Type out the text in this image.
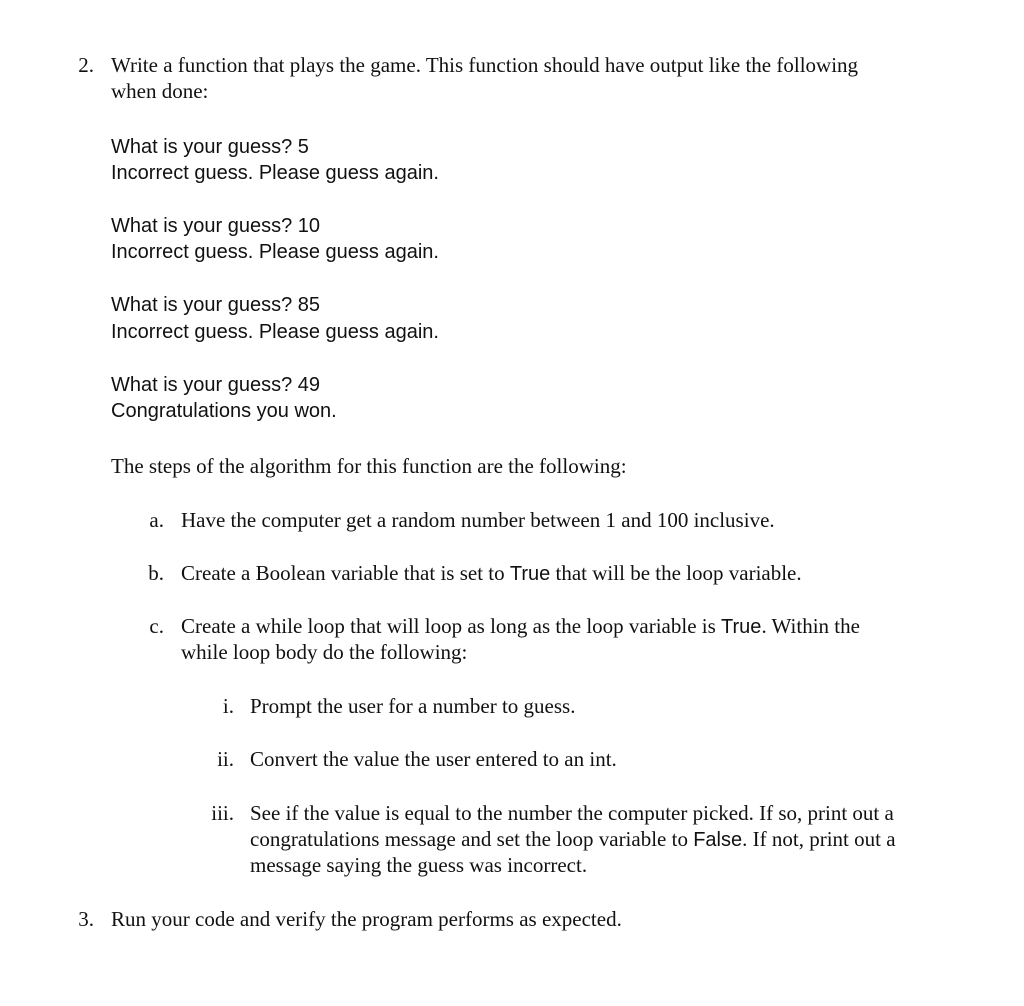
2. Write a function that plays the game. This function should have output like the following
when done:
What is your guess? 5
Incorrect guess. Please guess again.
What is your guess? 10
Incorrect guess. Please guess again.
What is your guess? 85
Incorrect guess. Please guess again.
What is your guess? 49
Congratulations you won.
The steps of the algorithm for this function are the following:
a. Have the computer get a random number between 1 and 100 inclusive.
b. Create a Boolean variable that is set to True that will be the loop variable.
c. Create a while loop that will loop as long as the loop variable is True. Within the
while loop body do the following:
i. Prompt the user for a number to guess.
ii. Convert the value the user entered to an int.
iii. See if the value is equal to the number the computer picked. If so, print out a
congratulations message and set the loop variable to False. If not, print out a
message saying the guess was incorrect.
3. Run your code and verify the program performs as expected.
